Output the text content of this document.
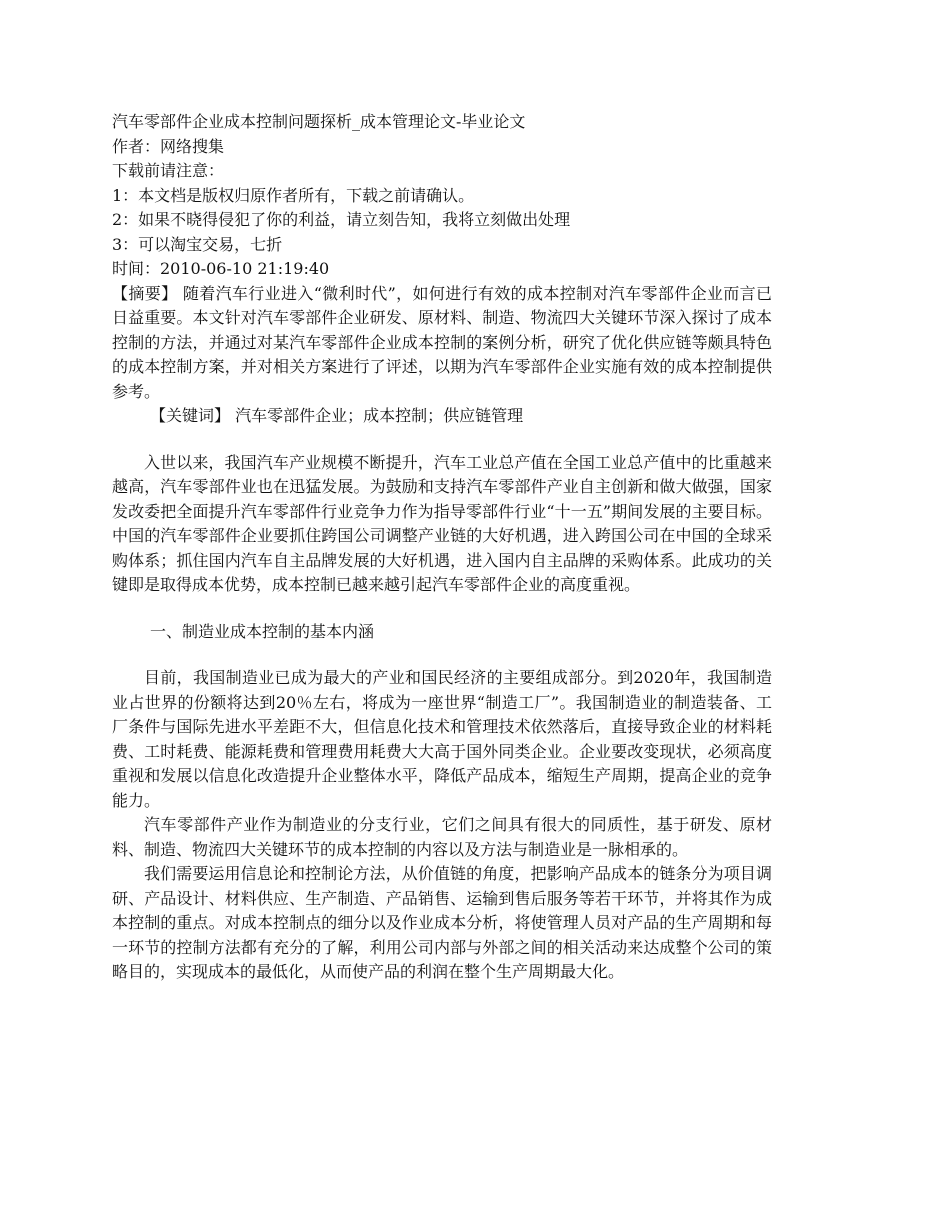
汽车零部件企业成本控制问题探析_成本管理论文-毕业论文

作者：网络搜集

下载前请注意：

1：本文档是版权归原作者所有，下载之前请确认。

2：如果不晓得侵犯了你的利益，请立刻告知，我将立刻做出处理

3：可以淘宝交易，七折

时间：2010-06-10 21:19:40

【摘要】 随着汽车行业进入“微利时代”，如何进行有效的成本控制对汽车零部件企业而言已日益重要。本文针对汽车零部件企业研发、原材料、制造、物流四大关键环节深入探讨了成本控制的方法，并通过对某汽车零部件企业成本控制的案例分析，研究了优化供应链等颇具特色的成本控制方案，并对相关方案进行了评述，以期为汽车零部件企业实施有效的成本控制提供参考。

【关键词】 汽车零部件企业；成本控制；供应链管理

入世以来，我国汽车产业规模不断提升，汽车工业总产值在全国工业总产值中的比重越来越高，汽车零部件业也在迅猛发展。为鼓励和支持汽车零部件产业自主创新和做大做强，国家发改委把全面提升汽车零部件行业竞争力作为指导零部件行业“十一五”期间发展的主要目标。中国的汽车零部件企业要抓住跨国公司调整产业链的大好机遇，进入跨国公司在中国的全球采购体系；抓住国内汽车自主品牌发展的大好机遇，进入国内自主品牌的采购体系。此成功的关键即是取得成本优势，成本控制已越来越引起汽车零部件企业的高度重视。

一、制造业成本控制的基本内涵

目前，我国制造业已成为最大的产业和国民经济的主要组成部分。到2020年，我国制造业占世界的份额将达到20％左右，将成为一座世界“制造工厂”。我国制造业的制造装备、工厂条件与国际先进水平差距不大，但信息化技术和管理技术依然落后，直接导致企业的材料耗费、工时耗费、能源耗费和管理费用耗费大大高于国外同类企业。企业要改变现状，必须高度重视和发展以信息化改造提升企业整体水平，降低产品成本，缩短生产周期，提高企业的竞争能力。

汽车零部件产业作为制造业的分支行业，它们之间具有很大的同质性，基于研发、原材料、制造、物流四大关键环节的成本控制的内容以及方法与制造业是一脉相承的。

我们需要运用信息论和控制论方法，从价值链的角度，把影响产品成本的链条分为项目调研、产品设计、材料供应、生产制造、产品销售、运输到售后服务等若干环节，并将其作为成本控制的重点。对成本控制点的细分以及作业成本分析，将使管理人员对产品的生产周期和每一环节的控制方法都有充分的了解，利用公司内部与外部之间的相关活动来达成整个公司的策略目的，实现成本的最低化，从而使产品的利润在整个生产周期最大化。
